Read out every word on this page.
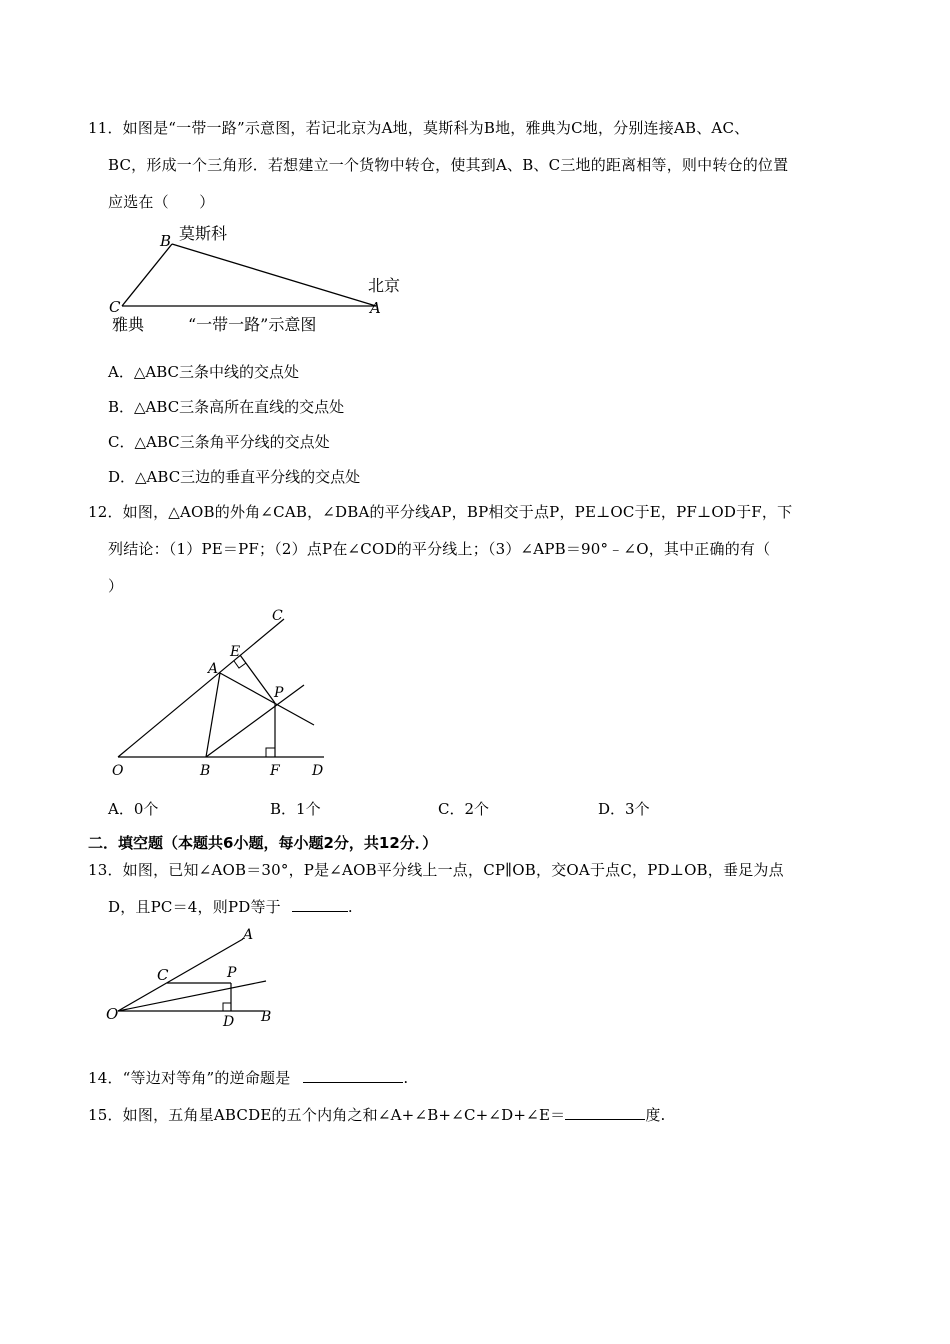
11．如图是“一带一路”示意图，若记北京为A地，莫斯科为B地，雅典为C地，分别连接AB、AC、

BC，形成一个三角形．若想建立一个货物中转仓，使其到A、B、C三地的距离相等，则中转仓的位置

应选在（　　）

B 莫斯科
C
雅典
A
北京
“一带一路”示意图
A．△ABC三条中线的交点处
B．△ABC三条高所在直线的交点处
C．△ABC三条角平分线的交点处
D．△ABC三边的垂直平分线的交点处

12．如图，△AOB的外角∠CAB，∠DBA的平分线AP，BP相交于点P，PE⊥OC于E，PF⊥OD于F，下

列结论：（1）PE＝PF；（2）点P在∠COD的平分线上；（3）∠APB＝90°﹣∠O，其中正确的有（

）

C
E
A
P
O	B	F D
A．0个	B．1个	C．2个	D．3个
二．填空题（本题共6小题，每小题2分，共12分．）

13．如图，已知∠AOB＝30°，P是∠AOB平分线上一点，CP∥OB，交OA于点C，PD⊥OB，垂足为点

D，且PC＝4，则PD等于	.

A
C	P
O	D B

14．“等边对等角”的逆命题是	.

15．如图，五角星ABCDE的五个内角之和∠A+∠B+∠C+∠D+∠E＝	度.
